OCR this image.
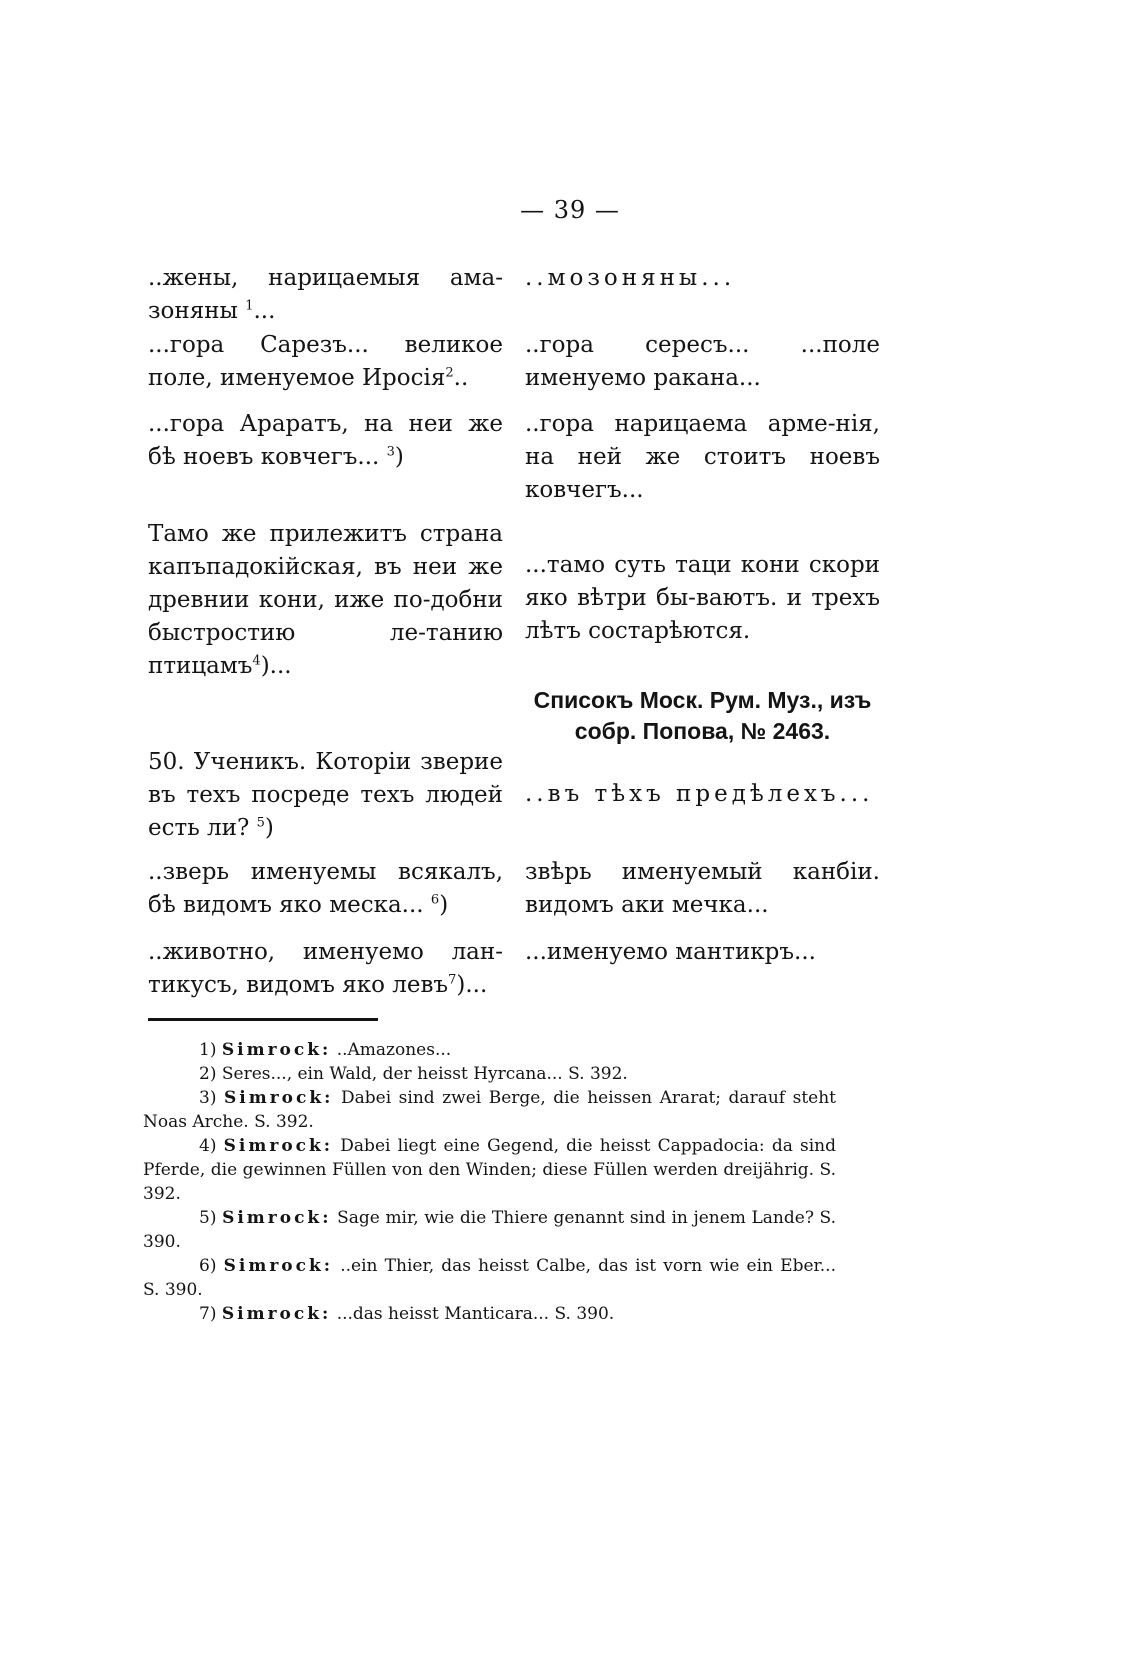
— 39 —

..жены, нарицаемыя ама-зоняны $^1$...

...гора Сарезъ... великое поле, именуемое Иросія$^2$..

...гора Араратъ, на неи же бѣ ноевъ ковчегъ... $^3$)

Тамо же прилежитъ страна капъпадокійская, въ неи же древнии кони, иже по-добни быстростию ле-танию птицамъ$^4$)...

50. Ученикъ. Которіи зверие въ техъ посреде техъ людей есть ли? $^5$)

..зверь именуемы всякалъ, бѣ видомъ яко меска... $^6$)

..животно, именуемо лан-тикусъ, видомъ яко левъ$^7$)...

..мозоняны...

..гора сересъ... ...поле именуемо ракана...

..гора нарицаема арме-нія, на ней же стоитъ ноевъ ковчегъ...

...тамо суть таци кони скори яко вѣтри бы-ваютъ. и трехъ лѣтъ состарѣются.

Списокъ Моск. Рум. Муз., изъ собр. Попова, № 2463.

..въ тѣхъ предѣлехъ...

звѣрь именуемый канбіи. видомъ аки мечка...

...именуемо мантикръ...

1) Simrock: ..Amazones...

2) Seres..., ein Wald, der heisst Hyrcana... S. 392.

3) Simrock: Dabei sind zwei Berge, die heissen Ararat; darauf steht Noas Arche. S. 392.

4) Simrock: Dabei liegt eine Gegend, die heisst Cappadocia: da sind Pferde, die gewinnen Füllen von den Winden; diese Füllen werden dreijährig. S. 392.

5) Simrock: Sage mir, wie die Thiere genannt sind in jenem Lande? S. 390.

6) Simrock: ..ein Thier, das heisst Calbe, das ist vorn wie ein Eber... S. 390.

7) Simrock: ...das heisst Manticara... S. 390.
